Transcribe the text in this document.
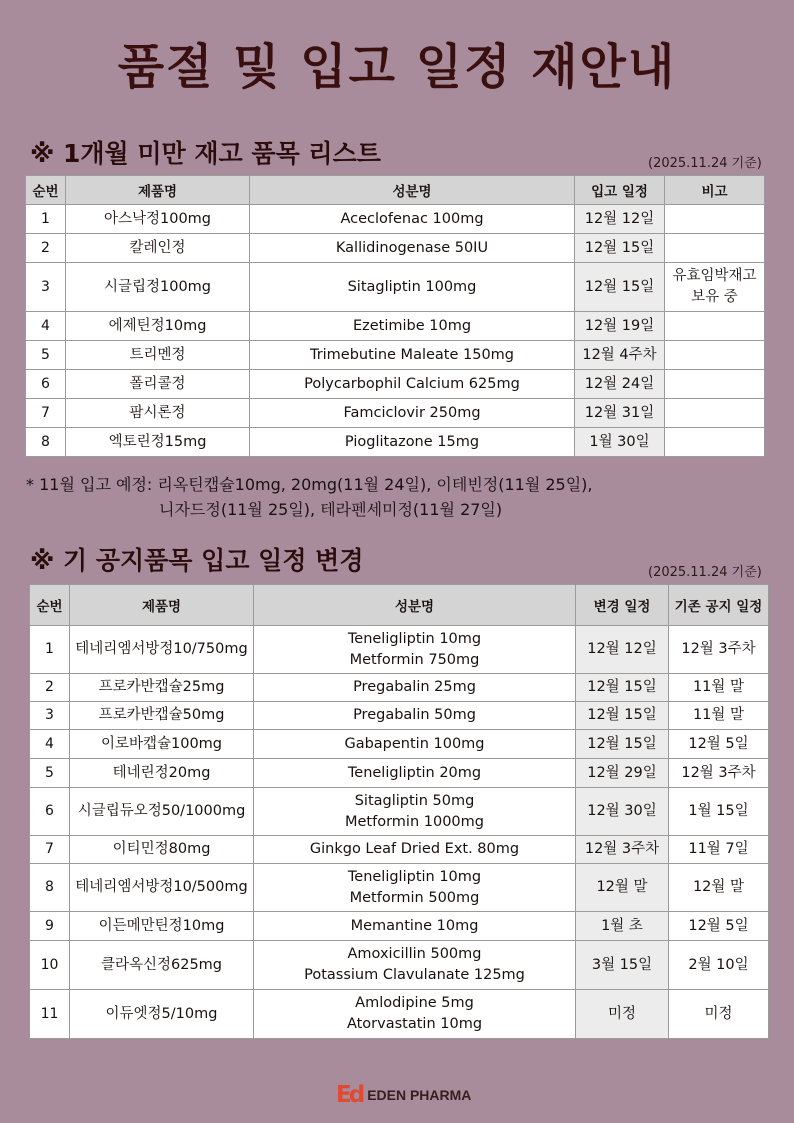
품절 및 입고 일정 재안내
※ 1개월 미만 재고 품목 리스트	(2025.11.24 기준)
순번	제품명	성분명	입고 일정	비고
1	아스낙정100mg	Aceclofenac 100mg	12월 12일	
2	칼레인정	Kallidinogenase 50IU	12월 15일	
3	시글립정100mg	Sitagliptin 100mg	12월 15일	유효임박재고
보유 중
4	에제틴정10mg	Ezetimibe 10mg	12월 19일	
5	트리멘정	Trimebutine Maleate 150mg	12월 4주차	
6	폴리콜정	Polycarbophil Calcium 625mg	12월 24일	
7	팜시론정	Famciclovir 250mg	12월 31일	
8	엑토린정15mg	Pioglitazone 15mg	1월 30일	
* 11월 입고 예정: 리옥틴캡슐10mg, 20mg(11월 24일), 이테빈정(11월 25일),
니자드정(11월 25일), 테라펜세미정(11월 27일)
※ 기 공지품목 입고 일정 변경	(2025.11.24 기준)
순번	제품명	성분명	변경 일정	기존 공지 일정
1	테네리엠서방정10/750mg	Teneligliptin 10mg
Metformin 750mg	12월 12일	12월 3주차
2	프로카반캡슐25mg	Pregabalin 25mg	12월 15일	11월 말
3	프로카반캡슐50mg	Pregabalin 50mg	12월 15일	11월 말
4	이로바캡슐100mg	Gabapentin 100mg	12월 15일	12월 5일
5	테네린정20mg	Teneligliptin 20mg	12월 29일	12월 3주차
6	시글립듀오정50/1000mg	Sitagliptin 50mg
Metformin 1000mg	12월 30일	1월 15일
7	이티민정80mg	Ginkgo Leaf Dried Ext. 80mg	12월 3주차	11월 7일
8	테네리엠서방정10/500mg	Teneligliptin 10mg
Metformin 500mg	12월 말	12월 말
9	이든메만틴정10mg	Memantine 10mg	1월 초	12월 5일
10	클라옥신정625mg	Amoxicillin 500mg
Potassium Clavulanate 125mg	3월 15일	2월 10일
11	이듀엣정5/10mg	Amlodipine 5mg
Atorvastatin 10mg	미정	미정
Ed EDEN PHARMA
